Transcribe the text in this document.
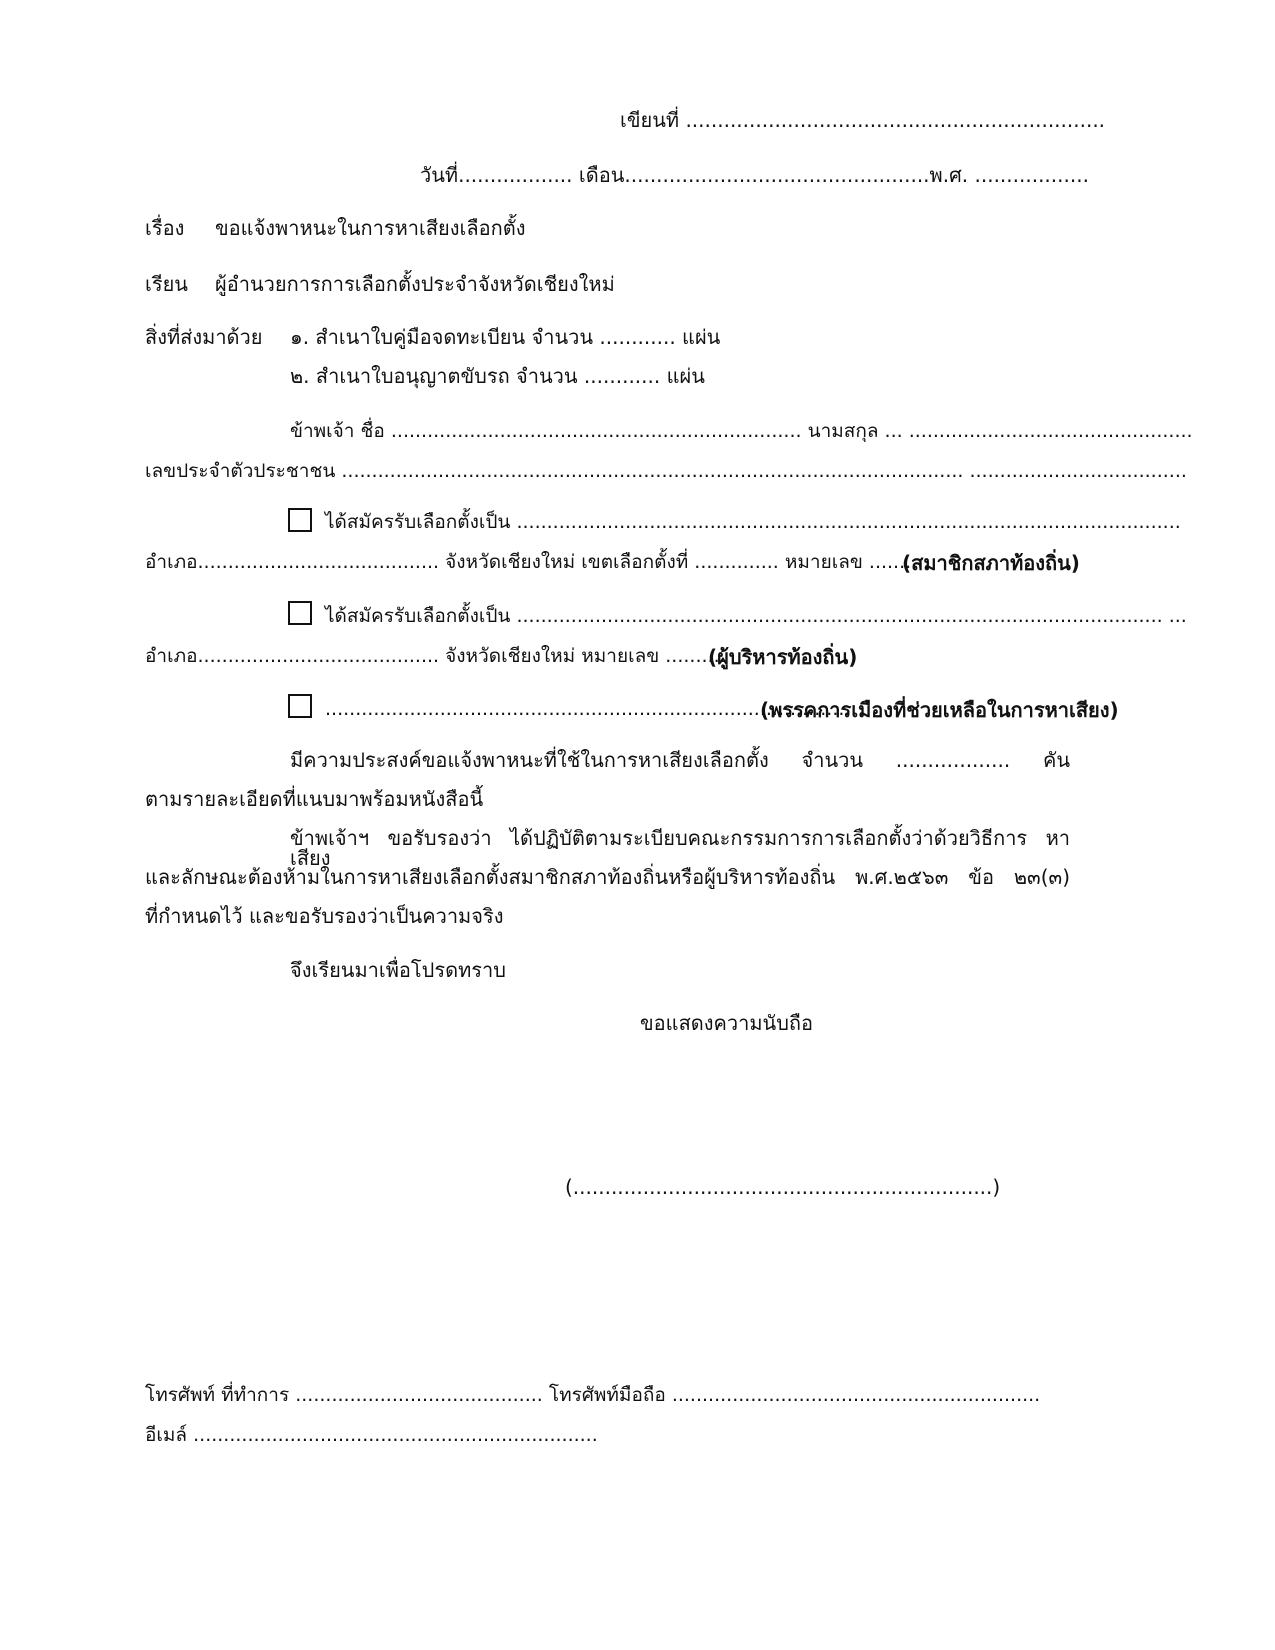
เขียนที่ ..................................................................
วันที่.................. เดือน................................................พ.ศ. ..................
เรื่อง ขอแจ้งพาหนะในการหาเสียงเลือกตั้ง
เรียน ผู้อำนวยการการเลือกตั้งประจำจังหวัดเชียงใหม่
สิ่งที่ส่งมาด้วย ๑. สำเนาใบคู่มือจดทะเบียน จำนวน ............ แผ่น
๒. สำเนาใบอนุญาตขับรถ จำนวน ............ แผ่น
ข้าพเจ้า ชื่อ .................................................................... นามสกุล ... ...............................................
เลขประจำตัวประชาชน ....................................................................................................... ....................................
ได้สมัครรับเลือกตั้งเป็น ..............................................................................................................
อำเภอ........................................ จังหวัดเชียงใหม่ เขตเลือกตั้งที่ .............. หมายเลข ..........
(สมาชิกสภาท้องถิ่น)
ได้สมัครรับเลือกตั้งเป็น ........................................................................................................... ...
อำเภอ........................................ จังหวัดเชียงใหม่ หมายเลข ..........
(ผู้บริหารท้องถิ่น)
........................................................................................
(พรรคการเมืองที่ช่วยเหลือในการหาเสียง)
มีความประสงค์ขอแจ้งพาหนะที่ใช้ในการหาเสียงเลือกตั้ง จำนวน .................. คัน
ตามรายละเอียดที่แนบมาพร้อมหนังสือนี้
ข้าพเจ้าฯ ขอรับรองว่า ได้ปฏิบัติตามระเบียบคณะกรรมการการเลือกตั้งว่าด้วยวิธีการ หาเสียง
และลักษณะต้องห้ามในการหาเสียงเลือกตั้งสมาชิกสภาท้องถิ่นหรือผู้บริหารท้องถิ่น พ.ศ.๒๕๖๓ ข้อ ๒๓(๓)
ที่กำหนดไว้ และขอรับรองว่าเป็นความจริง
จึงเรียนมาเพื่อโปรดทราบ
ขอแสดงความนับถือ
(..................................................................)
โทรศัพท์ ที่ทำการ ......................................... โทรศัพท์มือถือ .............................................................
อีเมล์ ...................................................................
